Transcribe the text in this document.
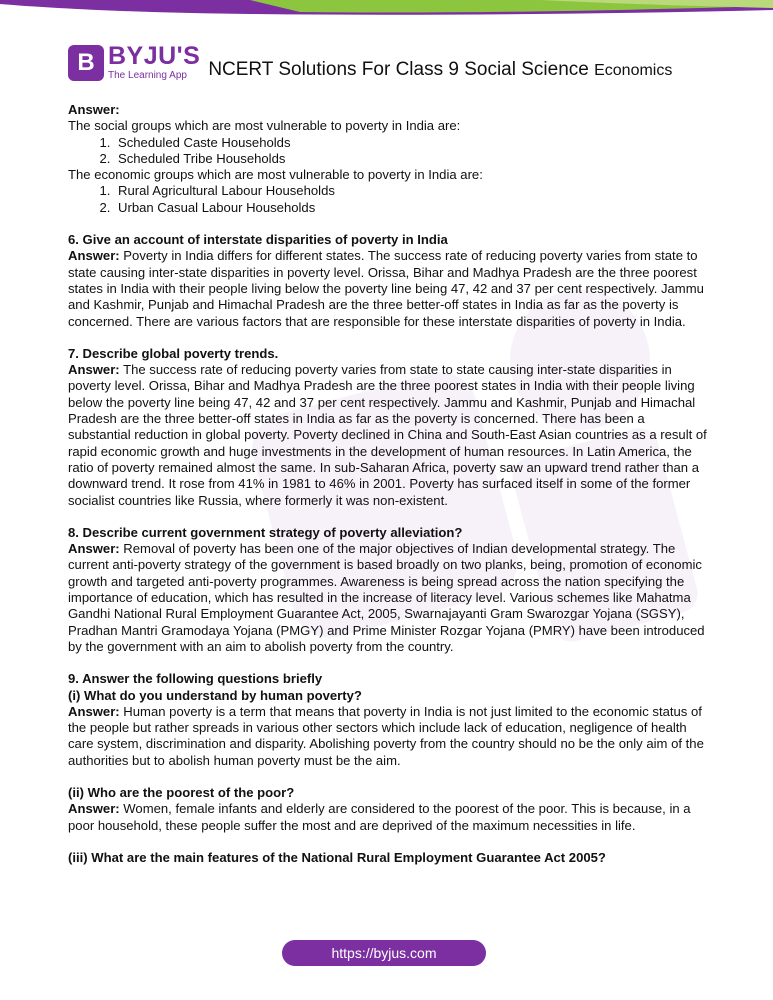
B BYJU'S
The Learning App	NCERT Solutions For Class 9 Social Science Economics

Answer:

The social groups which are most vulnerable to poverty in India are:

1. Scheduled Caste Households
2. Scheduled Tribe Households

The economic groups which are most vulnerable to poverty in India are:

1. Rural Agricultural Labour Households
2. Urban Casual Labour Households

6. Give an account of interstate disparities of poverty in India

Answer: Poverty in India differs for different states. The success rate of reducing poverty varies from state to state causing inter-state disparities in poverty level. Orissa, Bihar and Madhya Pradesh are the three poorest states in India with their people living below the poverty line being 47, 42 and 37 per cent respectively. Jammu and Kashmir, Punjab and Himachal Pradesh are the three better-off states in India as far as the poverty is concerned. There are various factors that are responsible for these interstate disparities of poverty in India.

7. Describe global poverty trends.

Answer: The success rate of reducing poverty varies from state to state causing inter-state disparities in poverty level. Orissa, Bihar and Madhya Pradesh are the three poorest states in India with their people living below the poverty line being 47, 42 and 37 per cent respectively. Jammu and Kashmir, Punjab and Himachal Pradesh are the three better-off states in India as far as the poverty is concerned. There has been a substantial reduction in global poverty. Poverty declined in China and South-East Asian countries as a result of rapid economic growth and huge investments in the development of human resources. In Latin America, the ratio of poverty remained almost the same. In sub-Saharan Africa, poverty saw an upward trend rather than a downward trend. It rose from 41% in 1981 to 46% in 2001. Poverty has surfaced itself in some of the former socialist countries like Russia, where formerly it was non-existent.

8. Describe current government strategy of poverty alleviation?

Answer: Removal of poverty has been one of the major objectives of Indian developmental strategy. The current anti-poverty strategy of the government is based broadly on two planks, being, promotion of economic growth and targeted anti-poverty programmes. Awareness is being spread across the nation specifying the importance of education, which has resulted in the increase of literacy level. Various schemes like Mahatma Gandhi National Rural Employment Guarantee Act, 2005, Swarnajayanti Gram Swarozgar Yojana (SGSY), Pradhan Mantri Gramodaya Yojana (PMGY) and Prime Minister Rozgar Yojana (PMRY) have been introduced by the government with an aim to abolish poverty from the country.

9. Answer the following questions briefly

(i) What do you understand by human poverty?

Answer: Human poverty is a term that means that poverty in India is not just limited to the economic status of the people but rather spreads in various other sectors which include lack of education, negligence of health care system, discrimination and disparity. Abolishing poverty from the country should no be the only aim of the authorities but to abolish human poverty must be the aim.

(ii) Who are the poorest of the poor?

Answer: Women, female infants and elderly are considered to the poorest of the poor. This is because, in a poor household, these people suffer the most and are deprived of the maximum necessities in life.

(iii) What are the main features of the National Rural Employment Guarantee Act 2005?

https://byjus.com
